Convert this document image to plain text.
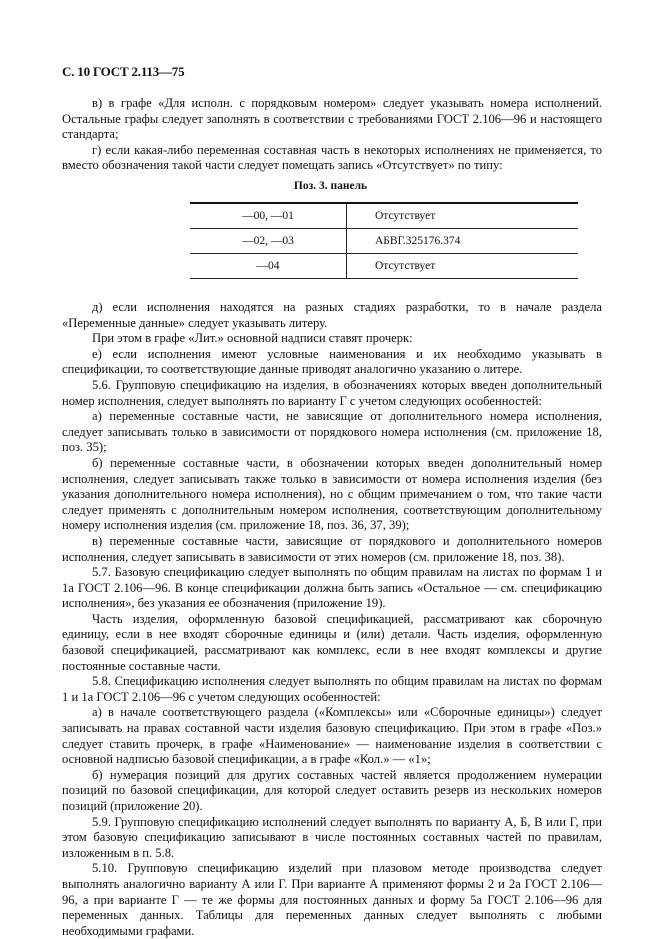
С. 10 ГОСТ 2.113—75

в) в графе «Для исполн. с порядковым номером» следует указывать номера исполнений. Остальные графы следует заполнять в соответствии с требованиями ГОСТ 2.106—96 и настоящего стандарта;

г) если какая-либо переменная составная часть в некоторых исполнениях не применяется, то вместо обозначения такой части следует помещать запись «Отсутствует» по типу:

Поз. 3. панель
—00, —01	Отсутствует
—02, —03	АБВГ.325176.374
—04	Отсутствует

д) если исполнения находятся на разных стадиях разработки, то в начале раздела «Переменные данные» следует указывать литеру.

При этом в графе «Лит.» основной надписи ставят прочерк:

е) если исполнения имеют условные наименования и их необходимо указывать в спецификации, то соответствующие данные приводят аналогично указанию о литере.

5.6. Групповую спецификацию на изделия, в обозначениях которых введен дополнительный номер исполнения, следует выполнять по варианту Г с учетом следующих особенностей:

а) переменные составные части, не зависящие от дополнительного номера исполнения, следует записывать только в зависимости от порядкового номера исполнения (см. приложение 18, поз. 35);

б) переменные составные части, в обозначении которых введен дополнительный номер исполнения, следует записывать также только в зависимости от номера исполнения изделия (без указания дополнительного номера исполнения), но с общим примечанием о том, что такие части следует применять с дополнительным номером исполнения, соответствующим дополнительному номеру исполнения изделия (см. приложение 18, поз. 36, 37, 39);

в) переменные составные части, зависящие от порядкового и дополнительного номеров исполнения, следует записывать в зависимости от этих номеров (см. приложение 18, поз. 38).

5.7. Базовую спецификацию следует выполнять по общим правилам на листах по формам 1 и 1а ГОСТ 2.106—96. В конце спецификации должна быть запись «Остальное — см. спецификацию исполнения», без указания ее обозначения (приложение 19).

Часть изделия, оформленную базовой спецификацией, рассматривают как сборочную единицу, если в нее входят сборочные единицы и (или) детали. Часть изделия, оформленную базовой спецификацией, рассматривают как комплекс, если в нее входят комплексы и другие постоянные составные части.

5.8. Спецификацию исполнения следует выполнять по общим правилам на листах по формам 1 и 1а ГОСТ 2.106—96 с учетом следующих особенностей:

а) в начале соответствующего раздела («Комплексы» или «Сборочные единицы») следует записывать на правах составной части изделия базовую спецификацию. При этом в графе «Поз.» следует ставить прочерк, в графе «Наименование» — наименование изделия в соответствии с основной надписью базовой спецификации, а в графе «Кол.» — «1»;

б) нумерация позиций для других составных частей является продолжением нумерации позиций по базовой спецификации, для которой следует оставить резерв из нескольких номеров позиций (приложение 20).

5.9. Групповую спецификацию исполнений следует выполнять по варианту А, Б, В или Г, при этом базовую спецификацию записывают в числе постоянных составных частей по правилам, изложенным в п. 5.8.

5.10. Групповую спецификацию изделий при плазовом методе производства следует выполнять аналогично варианту А или Г. При варианте А применяют формы 2 и 2а ГОСТ 2.106—96, а при варианте Г — те же формы для постоянных данных и форму 5а ГОСТ 2.106—96 для переменных данных. Таблицы для переменных данных следует выполнять с любыми необходимыми графами.
